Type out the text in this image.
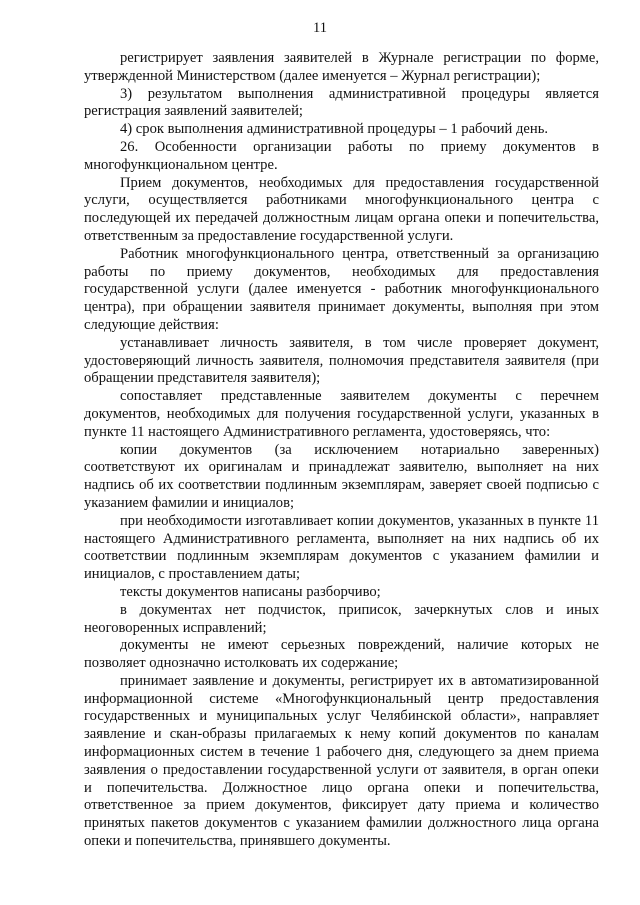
11

регистрирует заявления заявителей в Журнале регистрации по форме, утвержденной Министерством (далее именуется – Журнал регистрации);

3) результатом выполнения административной процедуры является регистрация заявлений заявителей;

4) срок выполнения административной процедуры – 1 рабочий день.

26. Особенности организации работы по приему документов в многофункциональном центре.

Прием документов, необходимых для предоставления государственной услуги, осуществляется работниками многофункционального центра с последующей их передачей должностным лицам органа опеки и попечительства, ответственным за предоставление государственной услуги.

Работник многофункционального центра, ответственный за организацию работы по приему документов, необходимых для предоставления государственной услуги (далее именуется - работник многофункционального центра), при обращении заявителя принимает документы, выполняя при этом следующие действия:

устанавливает личность заявителя, в том числе проверяет документ, удостоверяющий личность заявителя, полномочия представителя заявителя (при обращении представителя заявителя);

сопоставляет представленные заявителем документы с перечнем документов, необходимых для получения государственной услуги, указанных в пункте 11 настоящего Административного регламента, удостоверяясь, что:

копии документов (за исключением нотариально заверенных) соответствуют их оригиналам и принадлежат заявителю, выполняет на них надпись об их соответствии подлинным экземплярам, заверяет своей подписью с указанием фамилии и инициалов;

при необходимости изготавливает копии документов, указанных в пункте 11 настоящего Административного регламента, выполняет на них надпись об их соответствии подлинным экземплярам документов с указанием фамилии и инициалов, с проставлением даты;

тексты документов написаны разборчиво;

в документах нет подчисток, приписок, зачеркнутых слов и иных неоговоренных исправлений;

документы не имеют серьезных повреждений, наличие которых не позволяет однозначно истолковать их содержание;

принимает заявление и документы, регистрирует их в автоматизированной информационной системе «Многофункциональный центр предоставления государственных и муниципальных услуг Челябинской области», направляет заявление и скан-образы прилагаемых к нему копий документов по каналам информационных систем в течение 1 рабочего дня, следующего за днем приема заявления о предоставлении государственной услуги от заявителя, в орган опеки и попечительства. Должностное лицо органа опеки и попечительства, ответственное за прием документов, фиксирует дату приема и количество принятых пакетов документов с указанием фамилии должностного лица органа опеки и попечительства, принявшего документы.
